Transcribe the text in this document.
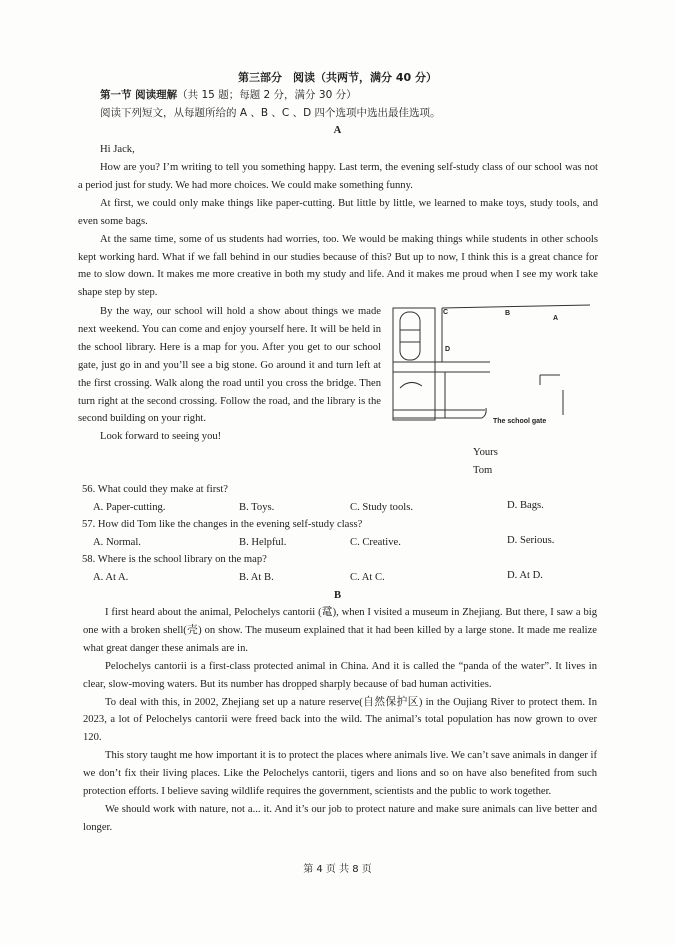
第三部分　阅读（共两节，满分 40 分）
第一节 阅读理解（共 15 题；每题 2 分，满分 30 分）
阅读下列短文，从每题所给的 A 、B 、C 、D 四个选项中选出最佳选项。
A
Hi Jack,

How are you? I’m writing to tell you something happy. Last term, the evening self-study class of our school was not a period just for study. We had more choices. We could make something funny.

At first, we could only make things like paper-cutting. But little by little, we learned to make toys, study tools, and even some bags.

At the same time, some of us students had worries, too. We would be making things while students in other schools kept working hard. What if we fall behind in our studies because of this? But up to now, I think this is a great chance for me to slow down. It makes me more creative in both my study and life. And it makes me proud when I see my work take shape step by step.

By the way, our school will hold a show about things we made next weekend. You can come and enjoy yourself here. It will be held in the school library. Here is a map for you. After you get to our school gate, just go in and you’ll see a big stone. Go around it and turn left at the first crossing. Walk along the road until you cross the bridge. Then turn right at the second crossing. Follow the road, and the library is the second building on your right.

Look forward to seeing you!
C	B
A
D
The school gate
Yours
Tom
56. What could they make at first?
A. Paper-cutting.	B. Toys.	C. Study tools.	D. Bags.
57. How did Tom like the changes in the evening self-study class?
A. Normal.	B. Helpful.	C. Creative.	D. Serious.
58. Where is the school library on the map?
A. At A.	B. At B.	C. At C.	D. At D.
B

I first heard about the animal, Pelochelys cantorii (鼋), when I visited a museum in Zhejiang. But there, I saw a big one with a broken shell(壳) on show. The museum explained that it had been killed by a large stone. It made me realize what great danger these animals are in.

Pelochelys cantorii is a first-class protected animal in China. And it is called the “panda of the water”. It lives in clear, slow-moving waters. But its number has dropped sharply because of bad human activities.

To deal with this, in 2002, Zhejiang set up a nature reserve(自然保护区) in the Oujiang River to protect them. In 2023, a lot of Pelochelys cantorii were freed back into the wild. The animal’s total population has now grown to over 120.

This story taught me how important it is to protect the places where animals live. We can’t save animals in danger if we don’t fix their living places. Like the Pelochelys cantorii, tigers and lions and so on have also benefited from such protection efforts. I believe saving wildlife requires the government, scientists and the public to work together.

We should work with nature, not a... it. And it’s our job to protect nature and make sure animals can live better and longer.

第 4 页 共 8 页
